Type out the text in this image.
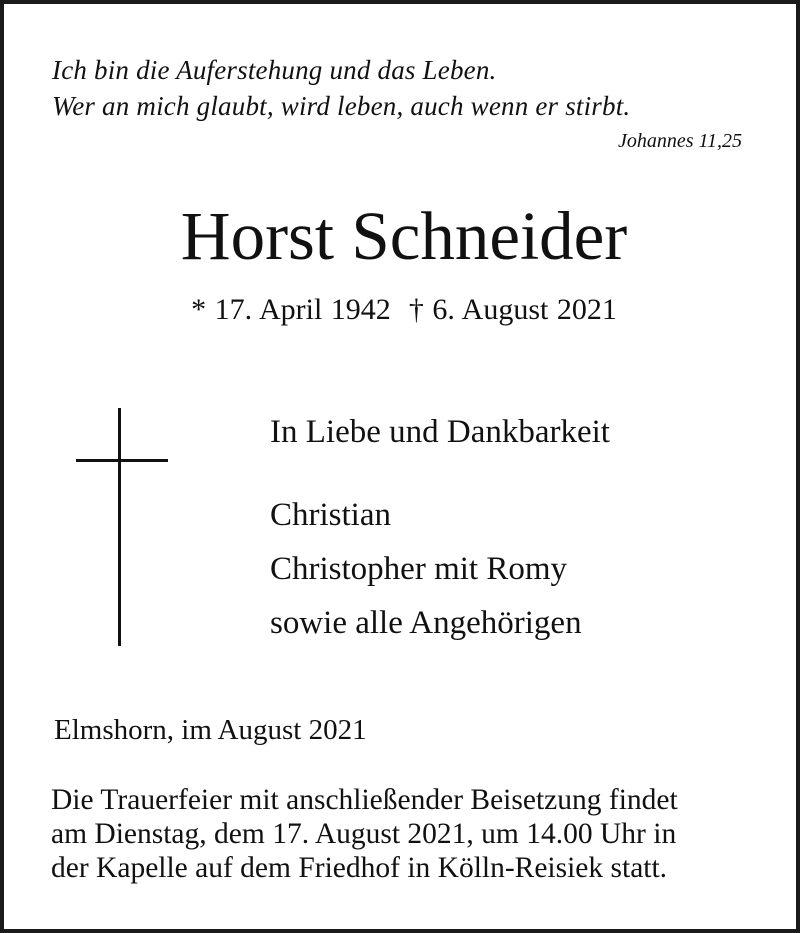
Ich bin die Auferstehung und das Leben.
Wer an mich glaubt, wird leben, auch wenn er stirbt.
Johannes 11,25
Horst Schneider
* 17. April 1942 † 6. August 2021
In Liebe und Dankbarkeit
Christian
Christopher mit Romy
sowie alle Angehörigen
Elmshorn, im August 2021
Die Trauerfeier mit anschließender Beisetzung findet
am Dienstag, dem 17. August 2021, um 14.00 Uhr in
der Kapelle auf dem Friedhof in Kölln-Reisiek statt.
